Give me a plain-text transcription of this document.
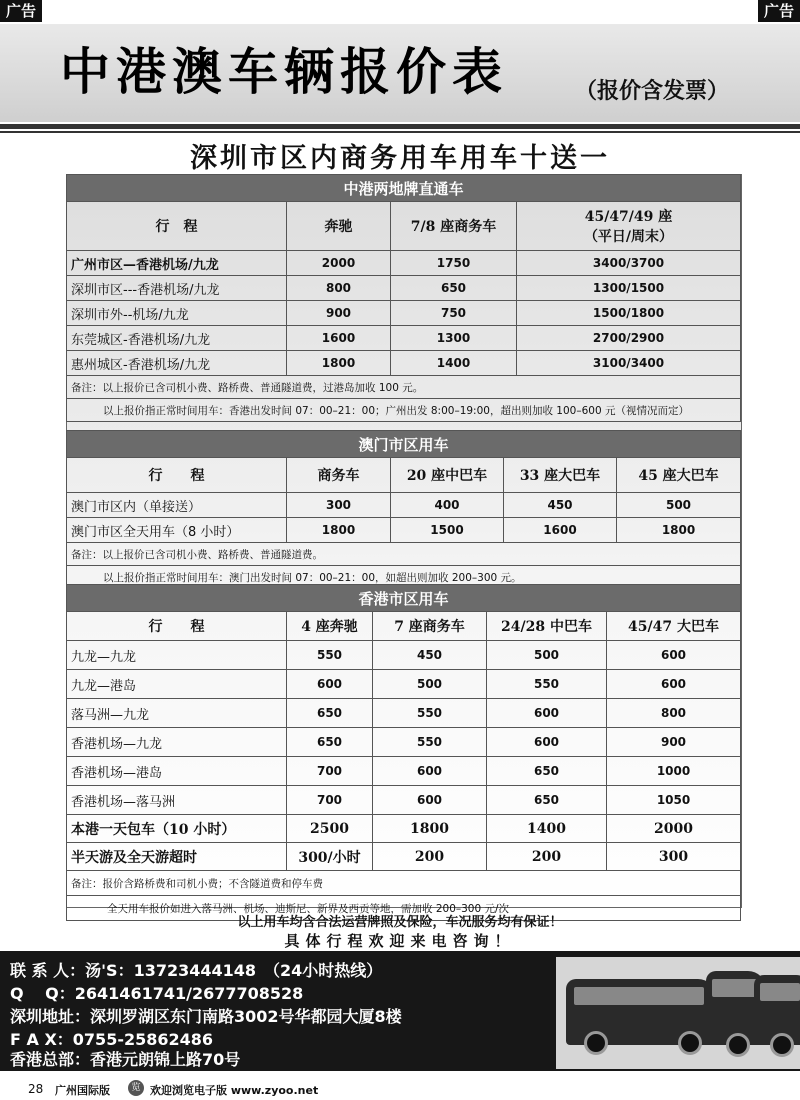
广告	广告
中港澳车辆报价表	（报价含发票）
深圳市区内商务用车用车十送一
中港两地牌直通车			
行　程	奔驰	7/8 座商务车	45/47/49 座
（平日/周末）
广州市区—香港机场/九龙	2000	1750	3400/3700
深圳市区---香港机场/九龙	800	650	1300/1500
深圳市外--机场/九龙	900	750	1500/1800
东莞城区-香港机场/九龙	1600	1300	2700/2900
惠州城区-香港机场/九龙	1800	1400	3100/3400
备注：以上报价已含司机小费、路桥费、普通隧道费，过港岛加收 100 元。			
以上报价指正常时间用车：香港出发时间 07：00–21：00；广州出发 8:00–19:00，超出则加收 100–600 元（视情况而定）			
澳门市区用车				
行　　程	商务车	20 座中巴车	33 座大巴车	45 座大巴车
澳门市区内（单接送）	300	400	450	500
澳门市区全天用车（8 小时）	1800	1500	1600	1800
备注：以上报价已含司机小费、路桥费、普通隧道费。				
以上报价指正常时间用车：澳门出发时间 07：00–21：00，如超出则加收 200–300 元。				
香港市区用车				
行　　程	4 座奔驰	7 座商务车	24/28 中巴车	45/47 大巴车
九龙—九龙	550	450	500	600
九龙—港岛	600	500	550	600
落马洲—九龙	650	550	600	800
香港机场—九龙	650	550	600	900
香港机场—港岛	700	600	650	1000
香港机场—落马洲	700	600	650	1050
本港一天包车（10 小时）	2500	1800	1400	2000
半天游及全天游超时	300/小时	200	200	300
备注：报价含路桥费和司机小费；不含隧道费和停车费				
全天用车报价如进入落马洲、机场、迪斯尼、新界及西贡等地，需加收 200–300 元/次				
以上用车均含合法运营牌照及保险，车况服务均有保证！
具体行程欢迎来电咨询！
联 系 人：汤'S：13723444148　（24小时热线）
Q　 Q：2641461741/2677708528
深圳地址：深圳罗湖区东门南路3002号华都园大厦8楼
F A X：0755-25862486
香港总部：香港元朗锦上路70号
28 广州国际版	览 欢迎浏览电子版 www.zyoo.net
